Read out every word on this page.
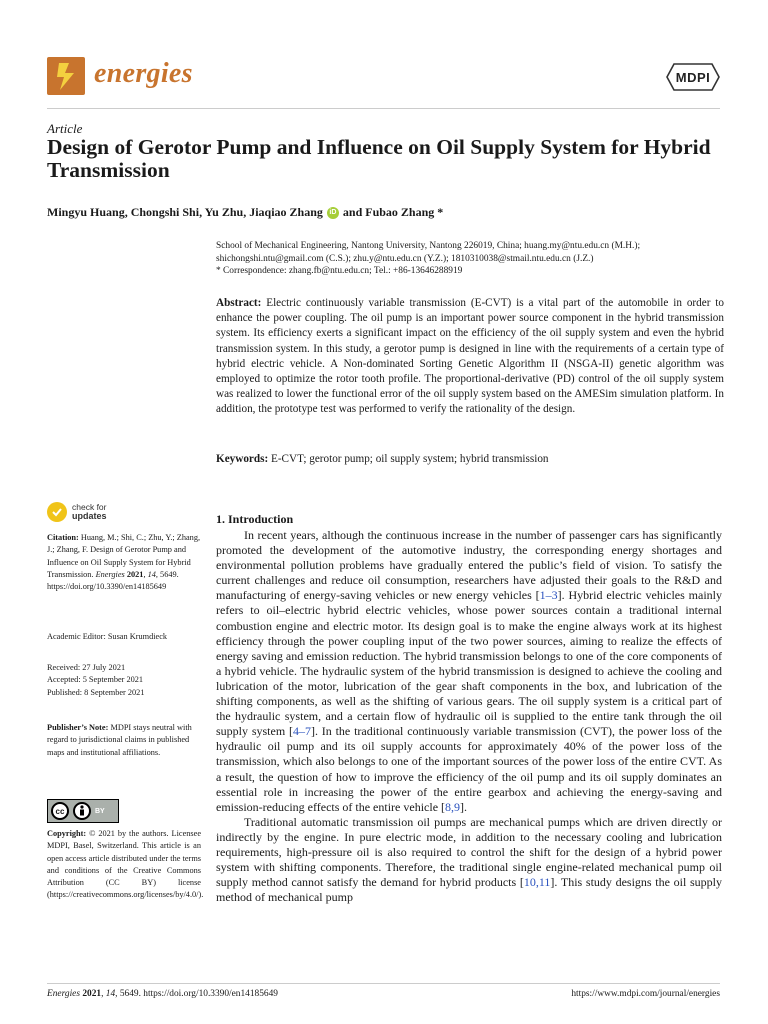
energies	MDPI
Article
Design of Gerotor Pump and Influence on Oil Supply System for Hybrid Transmission
Mingyu Huang, Chongshi Shi, Yu Zhu, Jiaqiao Zhang iD and Fubao Zhang *
School of Mechanical Engineering, Nantong University, Nantong 226019, China; huang.my@ntu.edu.cn (M.H.);
shichongshi.ntu@gmail.com (C.S.); zhu.y@ntu.edu.cn (Y.Z.); 1810310038@stmail.ntu.edu.cn (J.Z.)
* Correspondence: zhang.fb@ntu.edu.cn; Tel.: +86-13646288919
Abstract: Electric continuously variable transmission (E-CVT) is a vital part of the automobile in order to enhance the power coupling. The oil pump is an important power source component in the hybrid transmission system. Its efficiency exerts a significant impact on the efficiency of the oil supply system and even the hybrid transmission system. In this study, a gerotor pump is designed in line with the requirements of a certain type of hybrid electric vehicle. A Non-dominated Sorting Genetic Algorithm II (NSGA-II) genetic algorithm was employed to optimize the rotor tooth profile. The proportional-derivative (PD) control of the oil supply system was realized to lower the functional error of the oil supply system based on the AMESim simulation platform. In addition, the prototype test was performed to verify the rationality of the design.
Keywords: E-CVT; gerotor pump; oil supply system; hybrid transmission
check for
updates
Citation: Huang, M.; Shi, C.; Zhu, Y.; Zhang, J.; Zhang, F. Design of Gerotor Pump and Influence on Oil Supply System for Hybrid Transmission. Energies 2021, 14, 5649. https://doi.org/10.3390/en14185649
Academic Editor: Susan Krumdieck
Received: 27 July 2021
Accepted: 5 September 2021
Published: 8 September 2021
Publisher’s Note: MDPI stays neutral with regard to jurisdictional claims in published maps and institutional affiliations.
cc	BY
Copyright: © 2021 by the authors. Licensee MDPI, Basel, Switzerland. This article is an open access article distributed under the terms and conditions of the Creative Commons Attribution (CC BY) license (https://creativecommons.org/licenses/by/4.0/).
1. Introduction

In recent years, although the continuous increase in the number of passenger cars has significantly promoted the development of the automotive industry, the corresponding energy shortages and environmental pollution problems have gradually entered the public’s field of vision. To satisfy the current challenges and reduce oil consumption, researchers have adjusted their goals to the R&D and manufacturing of energy-saving vehicles or new energy vehicles [1–3]. Hybrid electric vehicles mainly refers to oil–electric hybrid electric vehicles, whose power sources contain a traditional internal combustion engine and electric motor. Its design goal is to make the engine always work at its highest efficiency through the power coupling input of the two power sources, aiming to realize the effects of energy saving and emission reduction. The hybrid transmission belongs to one of the core components of a hybrid vehicle. The hydraulic system of the hybrid transmission is designed to achieve the cooling and lubrication of the motor, lubrication of the gear shaft components in the box, and lubrication of the shifting components, as well as the shifting of various gears. The oil supply system is a critical part of the hydraulic system, and a certain flow of hydraulic oil is supplied to the entire tank through the oil supply system [4–7]. In the traditional continuously variable transmission (CVT), the power loss of the hydraulic oil pump and its oil supply accounts for approximately 40% of the power loss of the transmission, which also belongs to one of the important sources of the power loss of the entire CVT. As a result, the question of how to improve the efficiency of the oil pump and its oil supply dominates an essential role in increasing the power of the entire gearbox and achieving the energy-saving and emission-reducing effects of the entire vehicle [8,9].

Traditional automatic transmission oil pumps are mechanical pumps which are driven directly or indirectly by the engine. In pure electric mode, in addition to the necessary cooling and lubrication requirements, high-pressure oil is also required to control the shift for the design of a hybrid power system with shifting components. Therefore, the traditional single engine-related mechanical pump oil supply method cannot satisfy the demand for hybrid products [10,11]. This study designs the oil supply method of mechanical pump

Energies 2021, 14, 5649. https://doi.org/10.3390/en14185649	https://www.mdpi.com/journal/energies
